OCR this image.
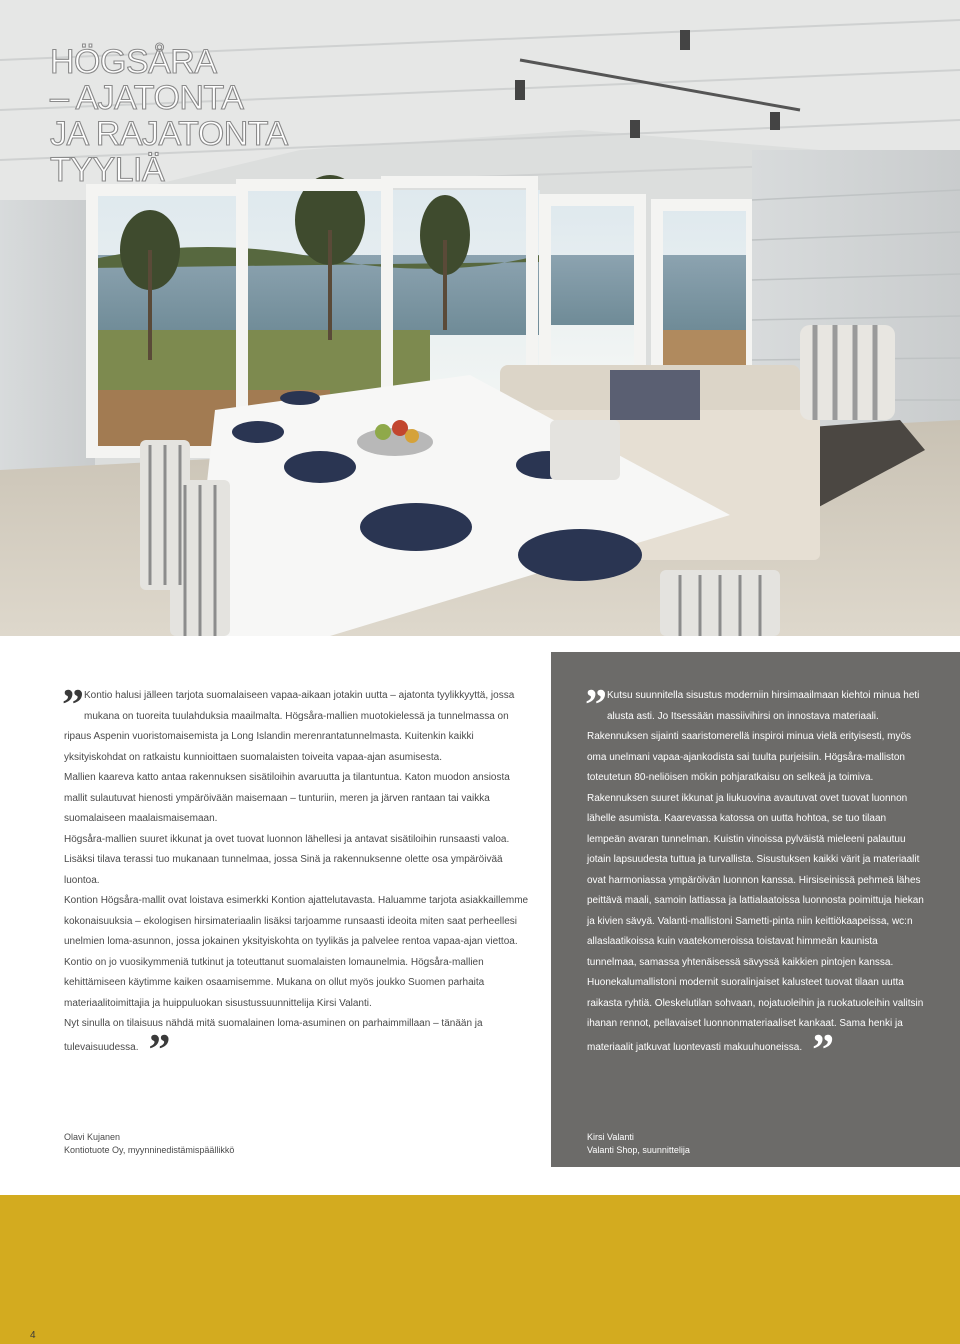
HÖGSÅRA
– AJATONTA
JA RAJATONTA
TYYLIÄ
” Kontio halusi jälleen tarjota suomalaiseen vapaa-aikaan jotakin uutta – ajatonta tyylikkyyttä, jossa mukana on tuoreita tuulahduksia maailmalta. Högsåra-mallien muotokielessä ja tunnelmassa on ripaus Aspenin vuoristomaisemista ja Long Islandin merenrantatunnelmasta. Kuitenkin kaikki yksityiskohdat on ratkaistu kunnioittaen suomalaisten toiveita vapaa-ajan asumisesta.

Mallien kaareva katto antaa rakennuksen sisätiloihin avaruutta ja tilantuntua. Katon muodon ansiosta mallit sulautuvat hienosti ympäröivään maisemaan – tunturiin, meren ja järven rantaan tai vaikka suomalaiseen maalaismaisemaan.

Högsåra-mallien suuret ikkunat ja ovet tuovat luonnon lähellesi ja antavat sisätiloihin runsaasti valoa. Lisäksi tilava terassi tuo mukanaan tunnelmaa, jossa Sinä ja rakennuksenne olette osa ympäröivää luontoa.

Kontion Högsåra-mallit ovat loistava esimerkki Kontion ajattelutavasta. Haluamme tarjota asiakkaillemme kokonaisuuksia – ekologisen hirsimateriaalin lisäksi tarjoamme runsaasti ideoita miten saat perheellesi unelmien loma-asunnon, jossa jokainen yksityiskohta on tyylikäs ja palvelee rentoa vapaa-ajan viettoa.

Kontio on jo vuosikymmeniä tutkinut ja toteuttanut suomalaisten lomaunelmia. Högsåra-mallien kehittämiseen käytimme kaiken osaamisemme. Mukana on ollut myös joukko Suomen parhaita materiaalitoimittajia ja huippuluokan sisustussuunnittelija Kirsi Valanti.

Nyt sinulla on tilaisuus nähdä mitä suomalainen loma-asuminen on parhaimmillaan – tänään ja tulevaisuudessa. ”

Olavi Kujanen
Kontiotuote Oy, myynninedistämispäällikkö
” Kutsu suunnitella sisustus moderniin hirsimaailmaan kiehtoi minua heti alusta asti. Jo Itsessään massiivihirsi on innostava materiaali. Rakennuksen sijainti saaristomerellä inspiroi minua vielä erityisesti, myös oma unelmani vapaa-ajankodista sai tuulta purjeisiin. Högsåra-malliston toteutetun 80-neliöisen mökin pohjaratkaisu on selkeä ja toimiva. Rakennuksen suuret ikkunat ja liukuovina avautuvat ovet tuovat luonnon lähelle asumista. Kaarevassa katossa on uutta hohtoa, se tuo tilaan lempeän avaran tunnelman. Kuistin vinoissa pylväistä mieleeni palautuu jotain lapsuudesta tuttua ja turvallista. Sisustuksen kaikki värit ja materiaalit ovat harmoniassa ympäröivän luonnon kanssa. Hirsiseinissä pehmeä lähes peittävä maali, samoin lattiassa ja lattialaatoissa luonnosta poimittuja hiekan ja kivien sävyä. Valanti-mallistoni Sametti-pinta niin keittiökaapeissa, wc:n allaslaatikoissa kuin vaatekomeroissa toistavat himmeän kaunista tunnelmaa, samassa yhtenäisessä sävyssä kaikkien pintojen kanssa. Huonekalumallistoni modernit suoralinjaiset kalusteet tuovat tilaan uutta raikasta ryhtiä. Oleskelutilan sohvaan, nojatuoleihin ja ruokatuoleihin valitsin ihanan rennot, pellavaiset luonnonmateriaaliset kankaat. Sama henki ja materiaalit jatkuvat luontevasti makuuhuoneissa. ”

Kirsi Valanti
Valanti Shop, suunnittelija
4
